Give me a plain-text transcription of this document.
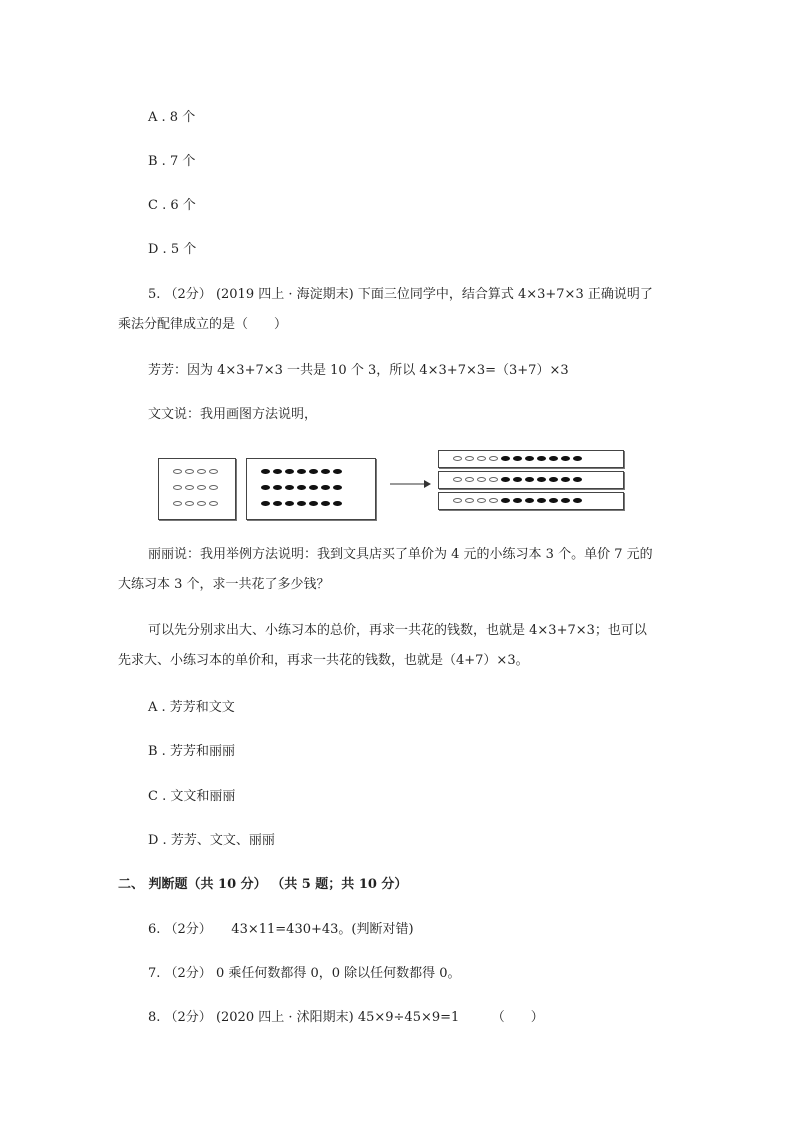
A . 8 个
B . 7 个
C . 6 个
D . 5 个
5. （2分） (2019 四上 · 海淀期末) 下面三位同学中，结合算式 4×3+7×3 正确说明了
乘法分配律成立的是（　　）
芳芳：因为 4×3+7×3 一共是 10 个 3，所以 4×3+7×3=（3+7）×3
文文说：我用画图方法说明，
丽丽说：我用举例方法说明：我到文具店买了单价为 4 元的小练习本 3 个。单价 7 元的
大练习本 3 个，求一共花了多少钱？
可以先分别求出大、小练习本的总价，再求一共花的钱数，也就是 4×3+7×3；也可以
先求大、小练习本的单价和，再求一共花的钱数，也就是（4+7）×3。
A . 芳芳和文文
B . 芳芳和丽丽
C . 文文和丽丽
D . 芳芳、文文、丽丽
二、 判断题（共 10 分） （共 5 题；共 10 分）
6. （2分）　　43×11=430+43。(判断对错)
7. （2分） 0 乘任何数都得 0，0 除以任何数都得 0。
8. （2分） (2020 四上 · 沭阳期末) 45×9÷45×9=1　　　（　　）
